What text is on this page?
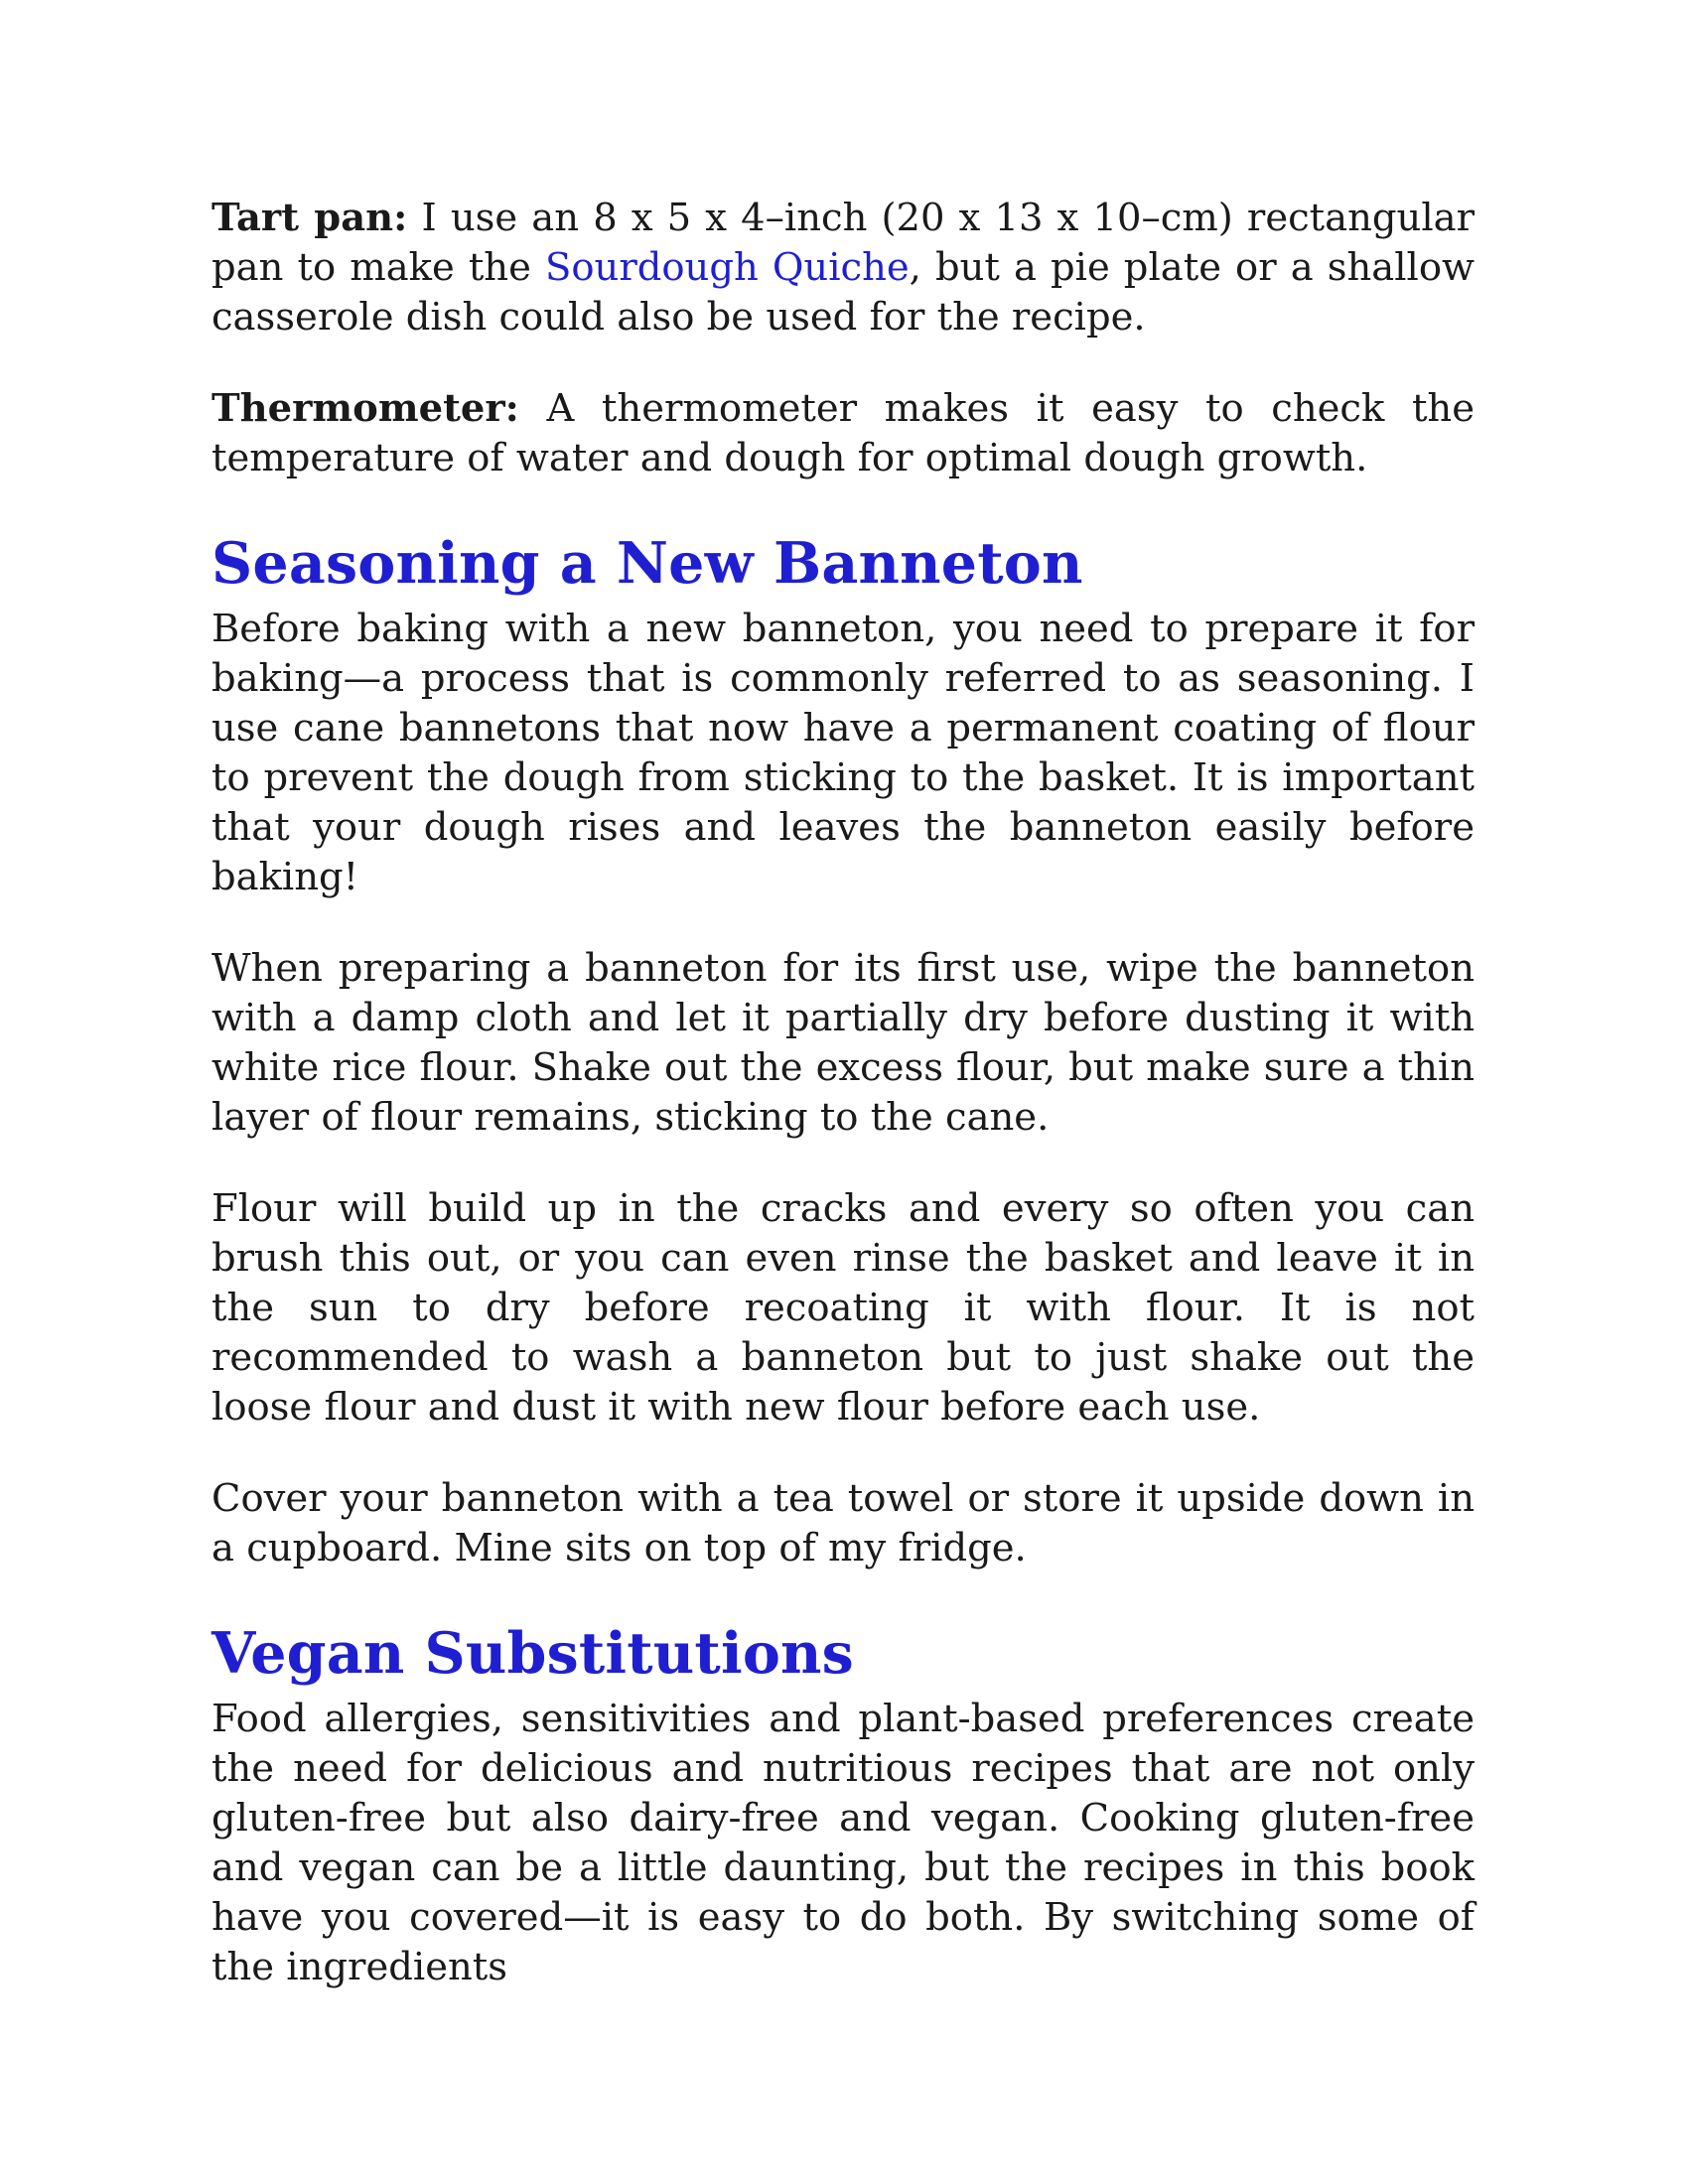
Tart pan: I use an 8 x 5 x 4–inch (20 x 13 x 10–cm) rectangular pan to make the Sourdough Quiche, but a pie plate or a shallow casserole dish could also be used for the recipe.

Thermometer: A thermometer makes it easy to check the temperature of water and dough for optimal dough growth.

Seasoning a New Banneton

Before baking with a new banneton, you need to prepare it for baking—a process that is commonly referred to as seasoning. I use cane bannetons that now have a permanent coating of flour to prevent the dough from sticking to the basket. It is important that your dough rises and leaves the banneton easily before baking!

When preparing a banneton for its first use, wipe the banneton with a damp cloth and let it partially dry before dusting it with white rice flour. Shake out the excess flour, but make sure a thin layer of flour remains, sticking to the cane.

Flour will build up in the cracks and every so often you can brush this out, or you can even rinse the basket and leave it in the sun to dry before recoating it with flour. It is not recommended to wash a banneton but to just shake out the loose flour and dust it with new flour before each use.

Cover your banneton with a tea towel or store it upside down in a cupboard. Mine sits on top of my fridge.

Vegan Substitutions

Food allergies, sensitivities and plant-based preferences create the need for delicious and nutritious recipes that are not only gluten-free but also dairy-free and vegan. Cooking gluten-free and vegan can be a little daunting, but the recipes in this book have you covered—it is easy to do both. By switching some of the ingredients
